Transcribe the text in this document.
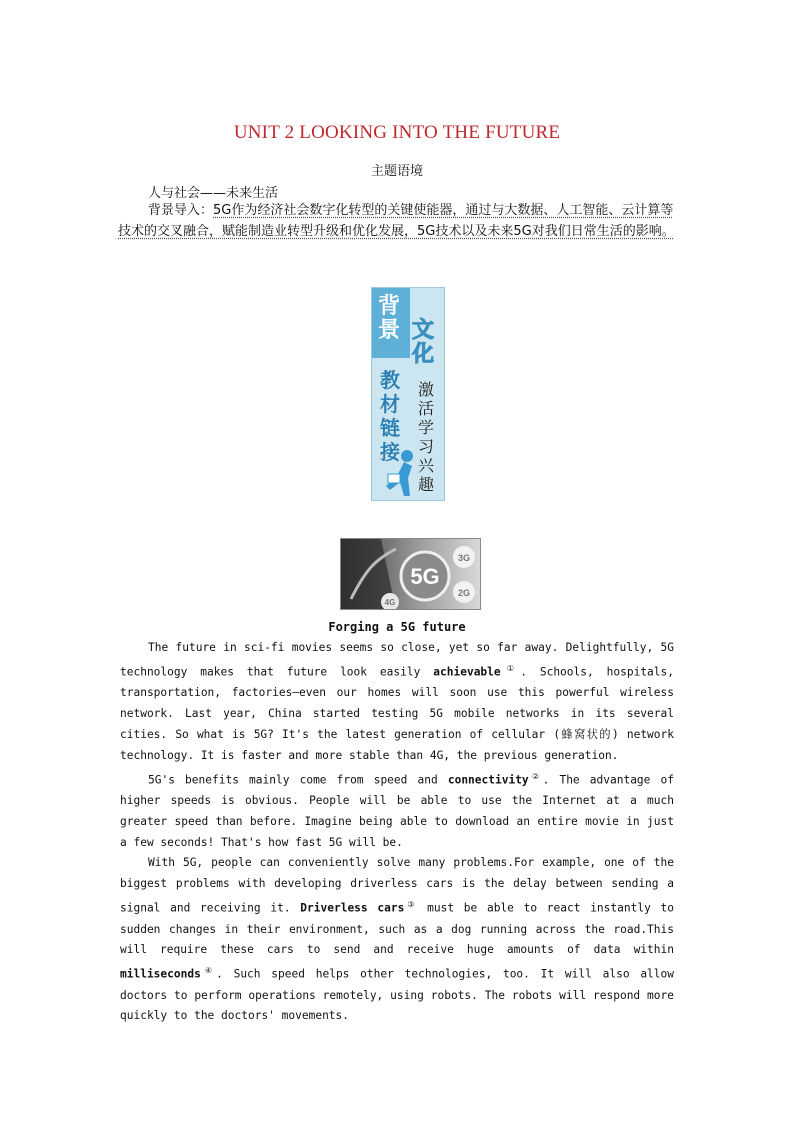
UNIT 2 LOOKING INTO THE FUTURE
主题语境
人与社会——未来生活
背景导入：5G作为经济社会数字化转型的关键使能器，通过与大数据、人工智能、云计算等技术的交叉融合，赋能制造业转型升级和优化发展，5G技术以及未来5G对我们日常生活的影响。
背景 文化
教材链接
激活学习兴趣
5G
3G
2G
4G
Forging a 5G future

The future in sci-fi movies seems so close, yet so far away. Delightfully, 5G technology makes that future look easily achievable①. Schools, hospitals, transportation, factories—even our homes will soon use this powerful wireless network. Last year, China started testing 5G mobile networks in its several cities. So what is 5G? It's the latest generation of cellular (蜂窝状的) network technology. It is faster and more stable than 4G, the previous generation.

5G's benefits mainly come from speed and connectivity②. The advantage of higher speeds is obvious. People will be able to use the Internet at a much greater speed than before. Imagine being able to download an entire movie in just a few seconds! That's how fast 5G will be.

With 5G, people can conveniently solve many problems.For example, one of the biggest problems with developing driverless cars is the delay between sending a signal and receiving it. Driverless cars③ must be able to react instantly to sudden changes in their environment, such as a dog running across the road.This will require these cars to send and receive huge amounts of data within milliseconds④. Such speed helps other technologies, too. It will also allow doctors to perform operations remotely, using robots. The robots will respond more quickly to the doctors' movements.
